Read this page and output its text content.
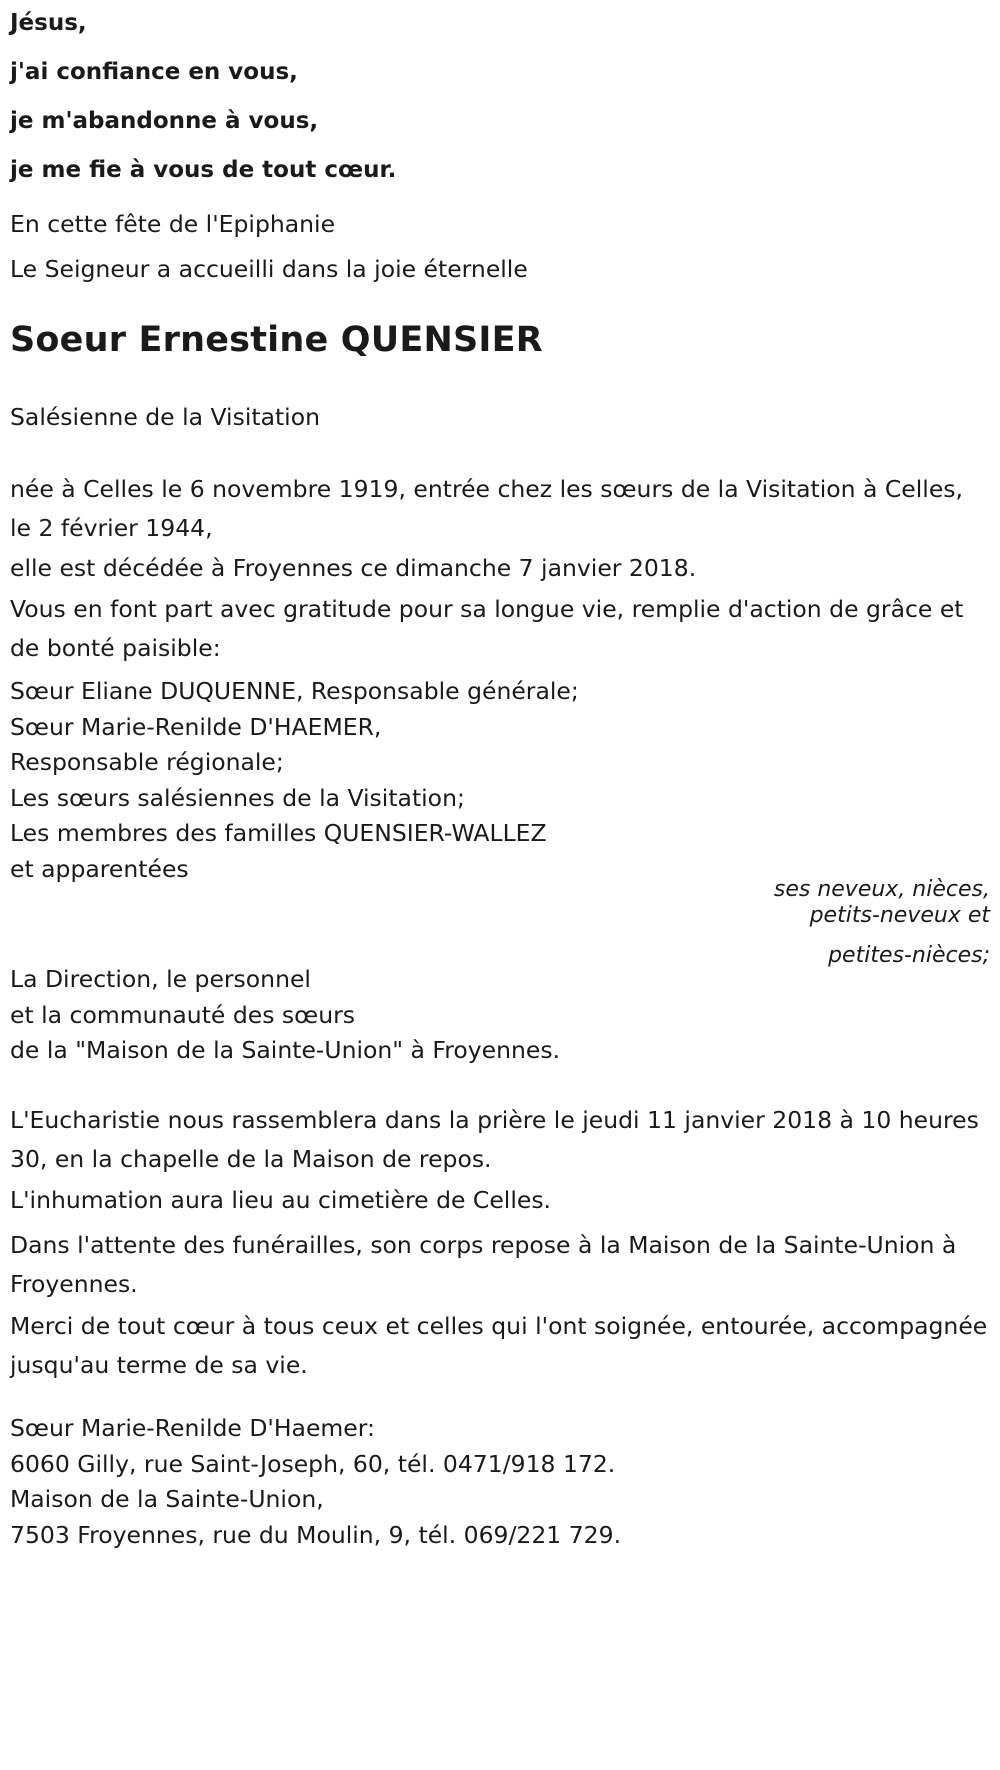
Jésus,
j'ai confiance en vous,
je m'abandonne à vous,
je me fie à vous de tout cœur.
En cette fête de l'Epiphanie
Le Seigneur a accueilli dans la joie éternelle
Soeur Ernestine QUENSIER
Salésienne de la Visitation
née à Celles le 6 novembre 1919, entrée chez les sœurs de la Visitation à Celles, le 2 février 1944,
elle est décédée à Froyennes ce dimanche 7 janvier 2018.
Vous en font part avec gratitude pour sa longue vie, remplie d'action de grâce et de bonté paisible:
Sœur Eliane DUQUENNE, Responsable générale;
Sœur Marie-Renilde D'HAEMER,
Responsable régionale;
Les sœurs salésiennes de la Visitation;
Les membres des familles QUENSIER-WALLEZ
et apparentées
ses neveux, nièces,
petits-neveux et
petites-nièces;
La Direction, le personnel
et la communauté des sœurs
de la "Maison de la Sainte-Union" à Froyennes.
L'Eucharistie nous rassemblera dans la prière le jeudi 11 janvier 2018 à 10 heures 30, en la chapelle de la Maison de repos.
L'inhumation aura lieu au cimetière de Celles.
Dans l'attente des funérailles, son corps repose à la Maison de la Sainte-Union à Froyennes.
Merci de tout cœur à tous ceux et celles qui l'ont soignée, entourée, accompagnée jusqu'au terme de sa vie.
Sœur Marie-Renilde D'Haemer:
6060 Gilly, rue Saint-Joseph, 60, tél. 0471/918 172.
Maison de la Sainte-Union,
7503 Froyennes, rue du Moulin, 9, tél. 069/221 729.
